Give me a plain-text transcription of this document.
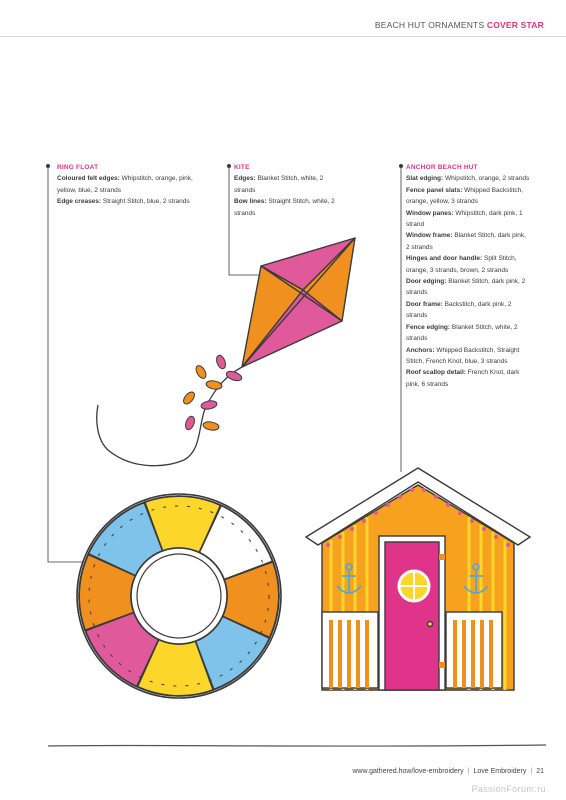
BEACH HUT ORNAMENTS COVER STAR
RING FLOAT
Coloured felt edges: Whipstitch, orange, pink, yellow, blue, 2 strands
Edge creases: Straight Stitch, blue, 2 strands
KITE
Edges: Blanket Stitch, white, 2 strands
Bow lines: Straight Stitch, white, 2 strands
ANCHOR BEACH HUT
Slat edging: Whipstitch, orange, 2 strands
Fence panel slats: Whipped Backstitch, orange, yellow, 3 strands
Window panes: Whipstitch, dark pink, 1 strand
Window frame: Blanket Stitch, dark pink, 2 strands
Hinges and door handle: Split Stitch, orange, 3 strands, brown, 2 strands
Door edging: Blanket Stitch, dark pink, 2 strands
Door frame: Backstitch, dark pink, 2 strands
Fence edging: Blanket Stitch, white, 2 strands
Anchors: Whipped Backstitch, Straight Stitch, French Knot, blue, 3 strands
Roof scallop detail: French Knot, dark pink, 6 strands
www.gathered.how/love-embroidery | Love Embroidery | 21
PassionForum.ru
